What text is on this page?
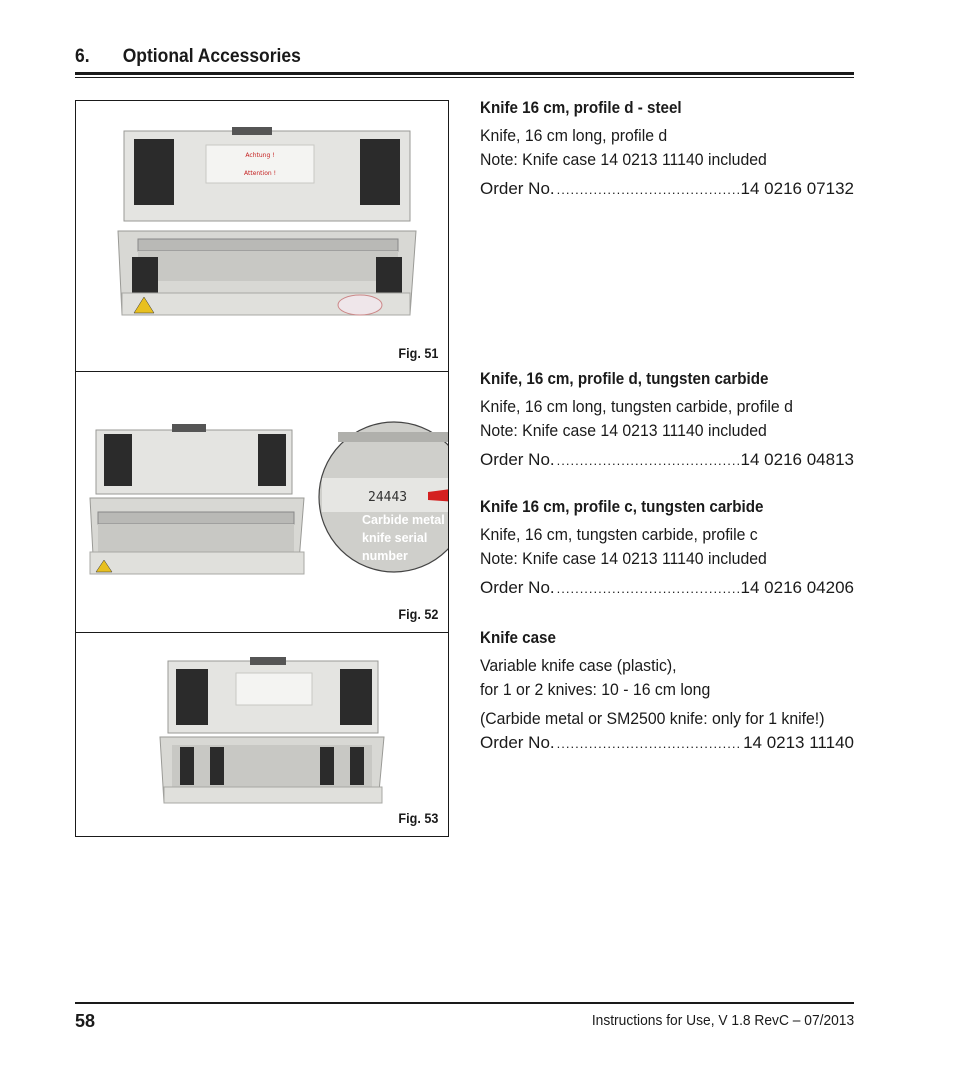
6. Optional Accessories
Achtung !
Attention !
Fig. 51
24443
Carbide metal
knife serial
number
Fig. 52
Fig. 53
Knife 16 cm, profile d - steel
Knife, 16 cm long, profile d
Note: Knife case 14 0213 11140 included
Order No. .....	14 0216 07132
Knife, 16 cm, profile d, tungsten carbide
Knife, 16 cm long, tungsten carbide, profile d
Note: Knife case 14 0213 11140 included
Order No. .....	14 0216 04813
Knife 16 cm, profile c, tungsten carbide
Knife, 16 cm, tungsten carbide, profile c
Note: Knife case 14 0213 11140 included
Order No. .....	14 0216 04206
Knife case
Variable knife case (plastic),
for 1 or 2 knives: 10 - 16 cm long
(Carbide metal or SM2500 knife: only for 1 knife!)
Order No. .....	14 0213 11140
58	Instructions for Use, V 1.8 RevC – 07/2013
